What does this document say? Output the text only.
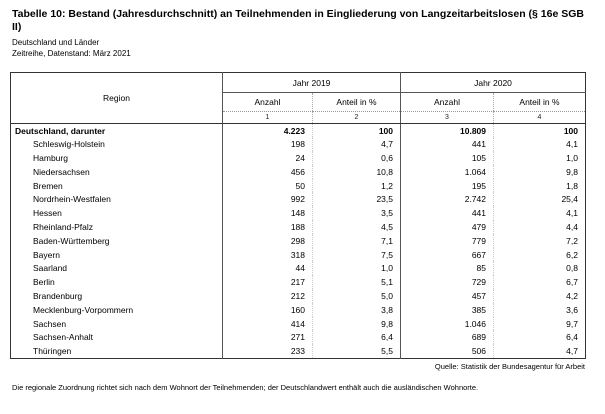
Tabelle 10: Bestand (Jahresdurchschnitt) an Teilnehmenden in Eingliederung von Langzeitarbeitslosen (§ 16e SGB II)
Deutschland und Länder
Zeitreihe, Datenstand: März 2021
Region	Jahr 2019		Jahr 2020	
	Anzahl	Anteil in %	Anzahl	Anteil in %
	1	2	3	4
Deutschland, darunter	4.223	100	10.809	100
Schleswig-Holstein	198	4,7	441	4,1
Hamburg	24	0,6	105	1,0
Niedersachsen	456	10,8	1.064	9,8
Bremen	50	1,2	195	1,8
Nordrhein-Westfalen	992	23,5	2.742	25,4
Hessen	148	3,5	441	4,1
Rheinland-Pfalz	188	4,5	479	4,4
Baden-Württemberg	298	7,1	779	7,2
Bayern	318	7,5	667	6,2
Saarland	44	1,0	85	0,8
Berlin	217	5,1	729	6,7
Brandenburg	212	5,0	457	4,2
Mecklenburg-Vorpommern	160	3,8	385	3,6
Sachsen	414	9,8	1.046	9,7
Sachsen-Anhalt	271	6,4	689	6,4
Thüringen	233	5,5	506	4,7
Quelle: Statistik der Bundesagentur für Arbeit
Die regionale Zuordnung richtet sich nach dem Wohnort der Teilnehmenden; der Deutschlandwert enthält auch die ausländischen Wohnorte.
